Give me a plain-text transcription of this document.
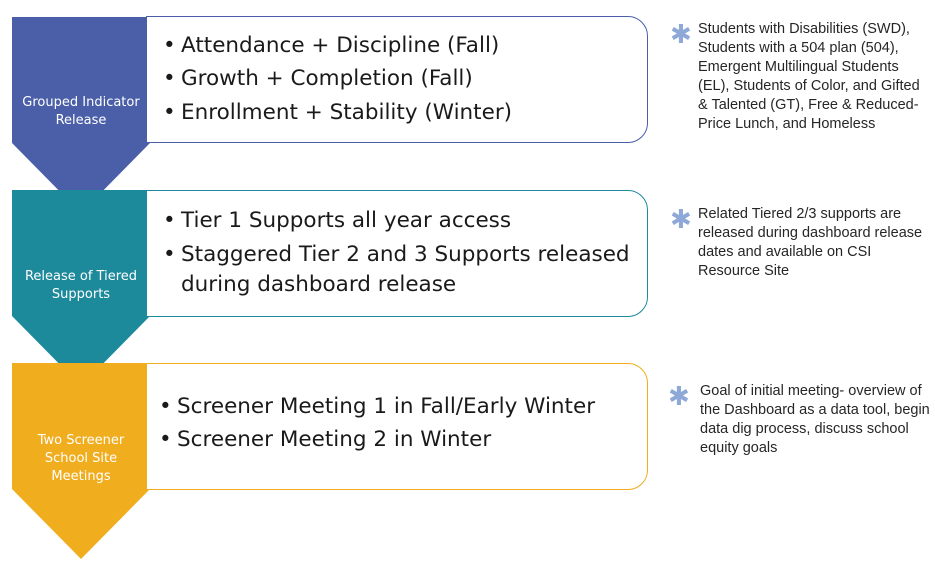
Grouped Indicator
Release
• Attendance + Discipline (Fall)
• Growth + Completion (Fall)
• Enrollment + Stability (Winter)
✱ Students with Disabilities (SWD), Students with a 504 plan (504), Emergent Multilingual Students (EL), Students of Color, and Gifted & Talented (GT), Free & Reduced-Price Lunch, and Homeless
Release of Tiered
Supports
• Tier 1 Supports all year access
• Staggered Tier 2 and 3 Supports released during dashboard release
✱ Related Tiered 2/3 supports are released during dashboard release dates and available on CSI Resource Site
Two Screener
School Site
Meetings
• Screener Meeting 1 in Fall/Early Winter
• Screener Meeting 2 in Winter
✱ Goal of initial meeting- overview of the Dashboard as a data tool, begin data dig process, discuss school equity goals
